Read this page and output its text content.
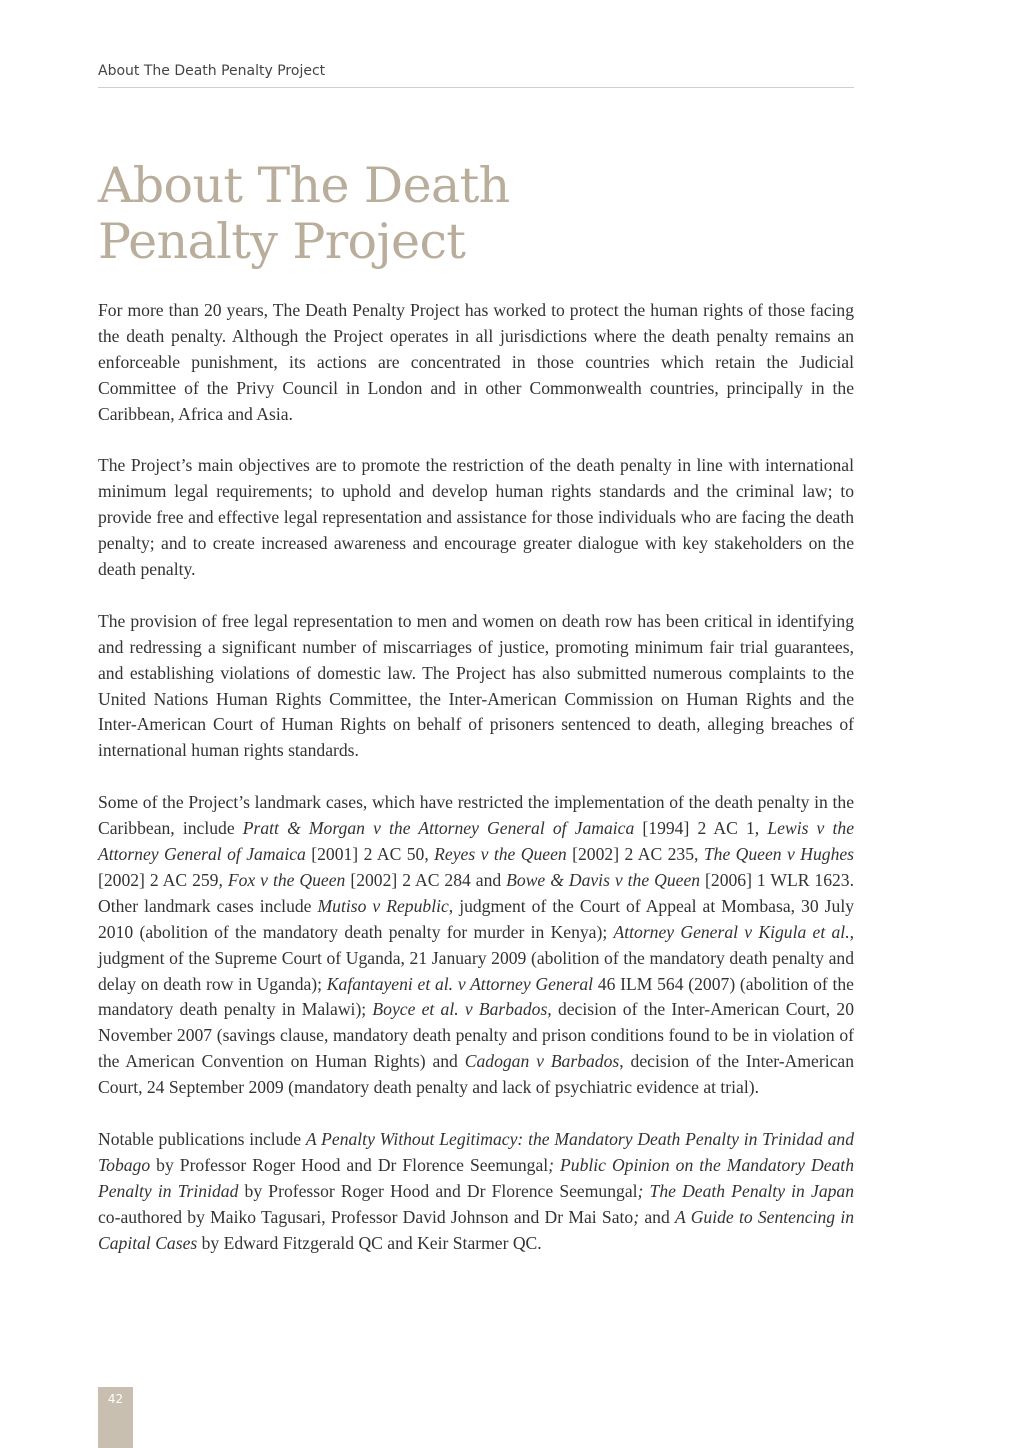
About The Death Penalty Project
About The Death
Penalty Project

For more than 20 years, The Death Penalty Project has worked to protect the human rights of those facing the death penalty. Although the Project operates in all jurisdictions where the death penalty remains an enforceable punishment, its actions are concentrated in those countries which retain the Judicial Committee of the Privy Council in London and in other Commonwealth countries, principally in the Caribbean, Africa and Asia.

The Project’s main objectives are to promote the restriction of the death penalty in line with international minimum legal requirements; to uphold and develop human rights standards and the criminal law; to provide free and effective legal representation and assistance for those individuals who are facing the death penalty; and to create increased awareness and encourage greater dialogue with key stakeholders on the death penalty.

The provision of free legal representation to men and women on death row has been critical in identifying and redressing a significant number of miscarriages of justice, promoting minimum fair trial guarantees, and establishing violations of domestic law. The Project has also submitted numerous complaints to the United Nations Human Rights Committee, the Inter-American Commission on Human Rights and the Inter-American Court of Human Rights on behalf of prisoners sentenced to death, alleging breaches of international human rights standards.

Some of the Project’s landmark cases, which have restricted the implementation of the death penalty in the Caribbean, include Pratt & Morgan v the Attorney General of Jamaica [1994] 2 AC 1, Lewis v the Attorney General of Jamaica [2001] 2 AC 50, Reyes v the Queen [2002] 2 AC 235, The Queen v Hughes [2002] 2 AC 259, Fox v the Queen [2002] 2 AC 284 and Bowe & Davis v the Queen [2006] 1 WLR 1623. Other landmark cases include Mutiso v Republic, judgment of the Court of Appeal at Mombasa, 30 July 2010 (abolition of the mandatory death penalty for murder in Kenya); Attorney General v Kigula et al., judgment of the Supreme Court of Uganda, 21 January 2009 (abolition of the mandatory death penalty and delay on death row in Uganda); Kafantayeni et al. v Attorney General 46 ILM 564 (2007) (abolition of the mandatory death penalty in Malawi); Boyce et al. v Barbados, decision of the Inter-American Court, 20 November 2007 (savings clause, mandatory death penalty and prison conditions found to be in violation of the American Convention on Human Rights) and Cadogan v Barbados, decision of the Inter-American Court, 24 September 2009 (mandatory death penalty and lack of psychiatric evidence at trial).

Notable publications include A Penalty Without Legitimacy: the Mandatory Death Penalty in Trinidad and Tobago by Professor Roger Hood and Dr Florence Seemungal; Public Opinion on the Mandatory Death Penalty in Trinidad by Professor Roger Hood and Dr Florence Seemungal; The Death Penalty in Japan co-authored by Maiko Tagusari, Professor David Johnson and Dr Mai Sato; and A Guide to Sentencing in Capital Cases by Edward Fitzgerald QC and Keir Starmer QC.

42
